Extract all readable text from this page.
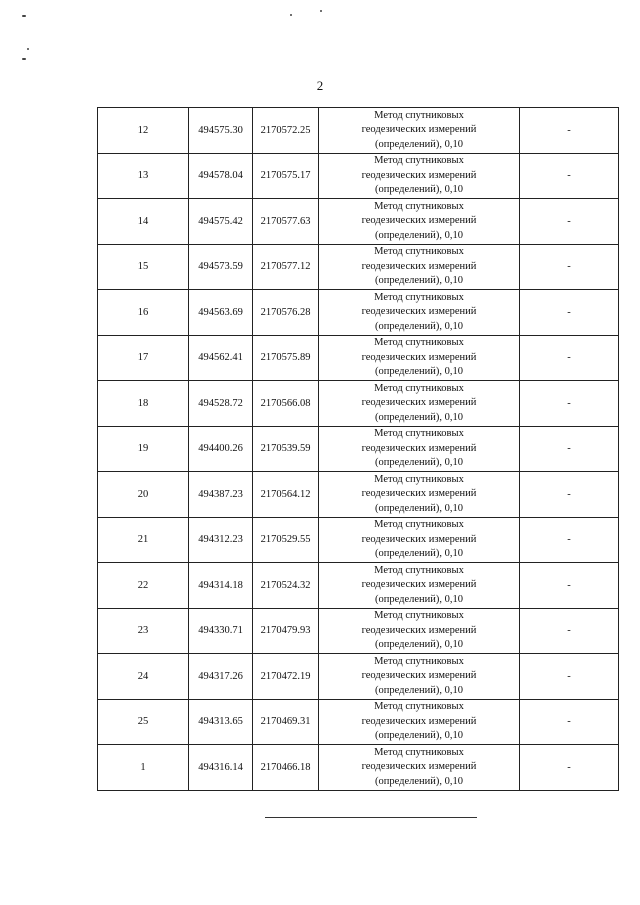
2
12	494575.30	2170572.25	Метод спутниковых
геодезических измерений
(определений), 0,10	-
13	494578.04	2170575.17	Метод спутниковых
геодезических измерений
(определений), 0,10	-
14	494575.42	2170577.63	Метод спутниковых
геодезических измерений
(определений), 0,10	-
15	494573.59	2170577.12	Метод спутниковых
геодезических измерений
(определений), 0,10	-
16	494563.69	2170576.28	Метод спутниковых
геодезических измерений
(определений), 0,10	-
17	494562.41	2170575.89	Метод спутниковых
геодезических измерений
(определений), 0,10	-
18	494528.72	2170566.08	Метод спутниковых
геодезических измерений
(определений), 0,10	-
19	494400.26	2170539.59	Метод спутниковых
геодезических измерений
(определений), 0,10	-
20	494387.23	2170564.12	Метод спутниковых
геодезических измерений
(определений), 0,10	-
21	494312.23	2170529.55	Метод спутниковых
геодезических измерений
(определений), 0,10	-
22	494314.18	2170524.32	Метод спутниковых
геодезических измерений
(определений), 0,10	-
23	494330.71	2170479.93	Метод спутниковых
геодезических измерений
(определений), 0,10	-
24	494317.26	2170472.19	Метод спутниковых
геодезических измерений
(определений), 0,10	-
25	494313.65	2170469.31	Метод спутниковых
геодезических измерений
(определений), 0,10	-
1	494316.14	2170466.18	Метод спутниковых
геодезических измерений
(определений), 0,10	-
